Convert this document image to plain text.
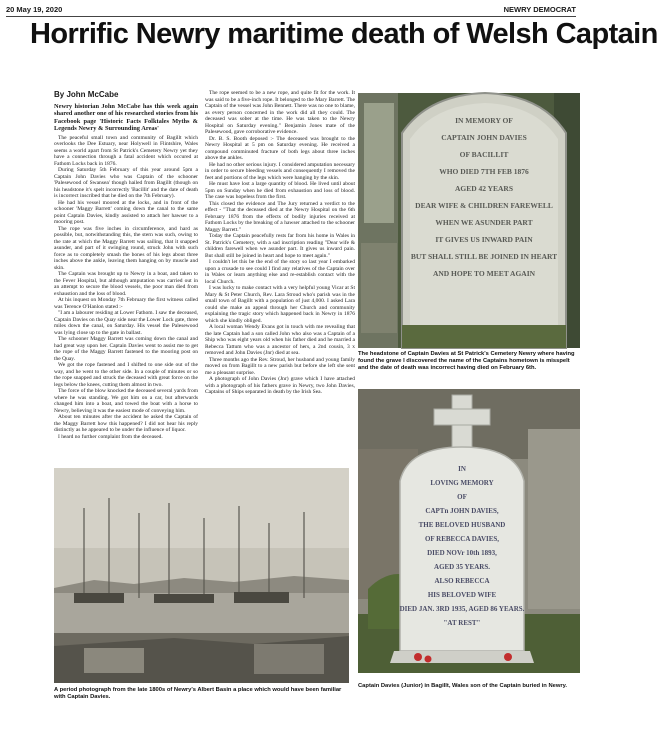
20 May 19, 2020	NEWRY DEMOCRAT
Horrific Newry maritime death of Welsh Captain
By John McCabe
Newry historian John McCabe has this week again shared another one of his researched stories from his Facebook page 'Historic Facts Folktales Myths & Legends Newry & Surrounding Areas'

The peaceful small town and community of Bagillt which overlooks the Dee Estuary, near Holywell in Flintshire, Wales seems a world apart from St Patrick's Cemetery Newry yet they have a connection through a fatal accident which occured at Fathom Locks back in 1876.

During Saturday 5th February of this year around 5pm a Captain John Davies who was Captain of the schooner 'Palesewood of Swansea' though hailed from Bagillt (though on his headstone it's spelt incorrectly 'Bacillit' and the date of death is incorrect inscribed that he died on the 7th February).

He had his vessel moored at the locks, and in front of the schooner 'Maggy Barrett' coming down the canal to the same point Captain Davies, kindly assisted to attach her hawser to a mooring post.

The rope was five inches in circumference, and hard as possible, but, notwithstanding this, the stern was such, owing to the rate at which the Maggy Barrett was sailing, that it snapped asunder, and part of it swinging round, struck John with such force as to completely smash the bones of his legs about three inches above the ankle, leaving them hanging on by muscle and skin.

The Captain was brought up to Newry in a boat, and taken to the Fever Hospital, but although amputation was carried out in an attempt to secure the blood vessels, the poor man died from exhaustion and the loss of blood.

At his inquest on Monday 7th February the first witness called was Terence O'Hanlon stated :-

"I am a labourer residing at Lower Fathom. I saw the deceased, Captain Davies on the Quay side near the Lower Lock gate, three miles down the canal, on Saturday. His vessel the Palesewood was lying close up to the gate in ballast.

The schooner Maggy Barrett was coming down the canal and had great way upon her. Captain Davies went to assist me to get the rope of the Maggy Barrett fastened to the mooring post on the Quay.

We got the rope fastened and I shifted to one side out of the way, and he went to the other side. In a couple of minutes or so the rope snapped and struck the deceased with great force on the legs below the knees, cutting them almost in two.

The force of the blow knocked the deceased several yards from where he was standing. We got him on a car, but afterwards changed him into a boat, and towed the boat with a horse to Newry, believing it was the easiest mode of conveying him.

About ten minutes after the accident he asked the Captain of the Maggy Barrett how this happened? I did not hear his reply distinctly as he appeared to be under the influence of liquor.

I heard no further complaint from the deceased.

The rope seemed to be a new rope, and quite fit for the work. It was said to be a five-inch rope. It belonged to the Mary Barrett. The Captain of the vessel was John Bennett. There was no one to blame, as every person concerned in the work did all they could. The deceased was sober at the time. He was taken to the Newry Hospital on Saturday evening." Benjamin Jones mate of the Palesewood, gave corroborative evidence.

Dr. B. S. Booth deposed :- The deceased was brought to the Newry Hospital at 5 pm on Saturday evening. He received a compound comminuted fracture of both legs about three inches above the ankles.

He had no other serious injury. I considered amputation necessary in order to secure bleeding vessels and consequently I removed the feet and portions of the legs which were hanging by the skin.

He must have lost a large quantity of blood. He lived until about 5pm on Sunday when he died from exhaustion and loss of blood. The case was hopeless from the first.

This closed the evidence and The Jury returned a verdict to the effect - "That the deceased died at the Newry Hospital on the 6th February 1876 from the effects of bodily injuries received at Fathom Locks by the breaking of a hawser attached to the schooner Maggy Barrett."

Today the Captain peacefully rests far from his home in Wales in St. Patrick's Cemetery, with a sad inscription reading "Dear wife & children farewell when we asunder part. It gives us inward pain. But shall still be joined in heart and hope to meet again."

I couldn't let this be the end of the story so last year I embarked upon a crusade to see could I find any relatives of the Captain over in Wales or learn anything else and re-establish contact with the local Church.

I was lucky to make contact with a very helpful young Vicar at St Mary & St Peter Church, Rev. Lara Stroud who's parish was in the small town of Bagillt with a population of just 4,000. I asked Lara could she make an appeal through her Church and community explaining the tragic story which happened back in Newry in 1876 which she kindly obliged.

A local woman Wendy Evans got in touch with me revealing that the late Captain had a son called John who also was a Captain of a Ship who was eight years old when his father died and he married a Rebecca Tattum who was a ancestor of hers, a 2nd cousin, 3 x removed and John Davies (Jnr) died at sea.

Three months ago the Rev. Stroud, her husband and young family moved on from Bagillt to a new parish but before she left she sent me a pleasant surprise.

A photograph of John Davies (Jnr) grave which I have attached with a photograph of his fathers grave in Newry, two John Davies, Captains of Ships separated in death by the Irish Sea.

IN MEMORY OF CAPTAIN JOHN DAVIES OF BACILLIT WHO DIED 7TH FEB 1876 AGED 42 YEARS DEAR WIFE & CHILDREN FAREWELL WHEN WE ASUNDER PART IT GIVES US INWARD PAIN BUT SHALL STILL BE JOINED IN HEART AND HOPE TO MEET AGAIN
The headstone of Captain Davies at St Patrick's Cemetery Newry where having found the grave I discovered the name of the Captains hometown is misspelt and the date of death was incorrect having died on February 6th.
IN LOVING MEMORY OF CAPTn JOHN DAVIES, THE BELOVED HUSBAND OF REBECCA DAVIES, DIED NOVr 10th 1893, AGED 35 YEARS. ALSO REBECCA HIS BELOVED WIFE DIED JAN. 3RD 1935, AGED 86 YEARS. "AT REST"
Captain Davies (Junior) in Bagillt, Wales son of the Captain buried in Newry.
A period photograph from the late 1800s of Newry's Albert Basin a place which would have been familiar with Captain Davies.
